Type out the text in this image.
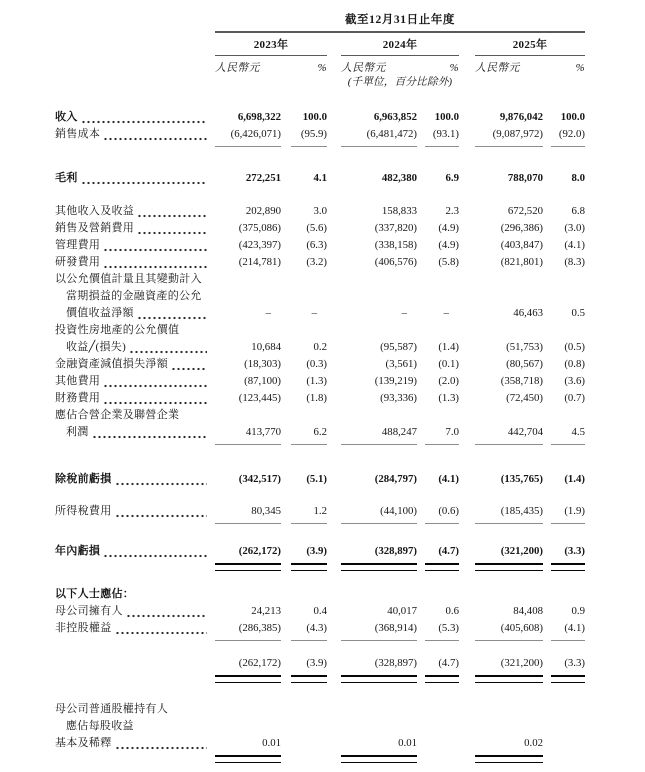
截至12月31日止年度
2023年	2024年	2025年
人民幣元	% 人民幣元	% 人民幣元	%
(千單位，百分比除外)
收入	6,698,322	100.0	6,963,852	100.0	9,876,042	100.0
銷售成本	(6,426,071)	(95.9)	(6,481,472)	(93.1)	(9,087,972)	(92.0)
毛利	272,251	4.1	482,380	6.9	788,070	8.0
其他收入及收益	202,890	3.0	158,833	2.3	672,520	6.8
銷售及營銷費用	(375,086)	(5.6)	(337,820)	(4.9)	(296,386)	(3.0)
管理費用	(423,397)	(6.3)	(338,158)	(4.9)	(403,847)	(4.1)
研發費用	(214,781)	(3.2)	(406,576)	(5.8)	(821,801)	(8.3)
以公允價值計量且其變動計入
當期損益的金融資產的公允
價值收益淨額	–	–	–	–	46,463	0.5
投資性房地產的公允價值
收益╱(損失)	10,684	0.2	(95,587)	(1.4)	(51,753)	(0.5)
金融資產減值損失淨額	(18,303)	(0.3)	(3,561)	(0.1)	(80,567)	(0.8)
其他費用	(87,100)	(1.3)	(139,219)	(2.0)	(358,718)	(3.6)
財務費用	(123,445)	(1.8)	(93,336)	(1.3)	(72,450)	(0.7)
應佔合營企業及聯營企業
利潤	413,770	6.2	488,247	7.0	442,704	4.5
除稅前虧損	(342,517)	(5.1)	(284,797)	(4.1)	(135,765)	(1.4)
所得稅費用	80,345	1.2	(44,100)	(0.6)	(185,435)	(1.9)
年內虧損	(262,172)	(3.9)	(328,897)	(4.7)	(321,200)	(3.3)
以下人士應佔：
母公司擁有人	24,213	0.4	40,017	0.6	84,408	0.9
非控股權益	(286,385)	(4.3)	(368,914)	(5.3)	(405,608)	(4.1)
(262,172)	(3.9)	(328,897)	(4.7)	(321,200)	(3.3)
母公司普通股權持有人
應佔每股收益
基本及稀釋	0.01	0.01	0.02
